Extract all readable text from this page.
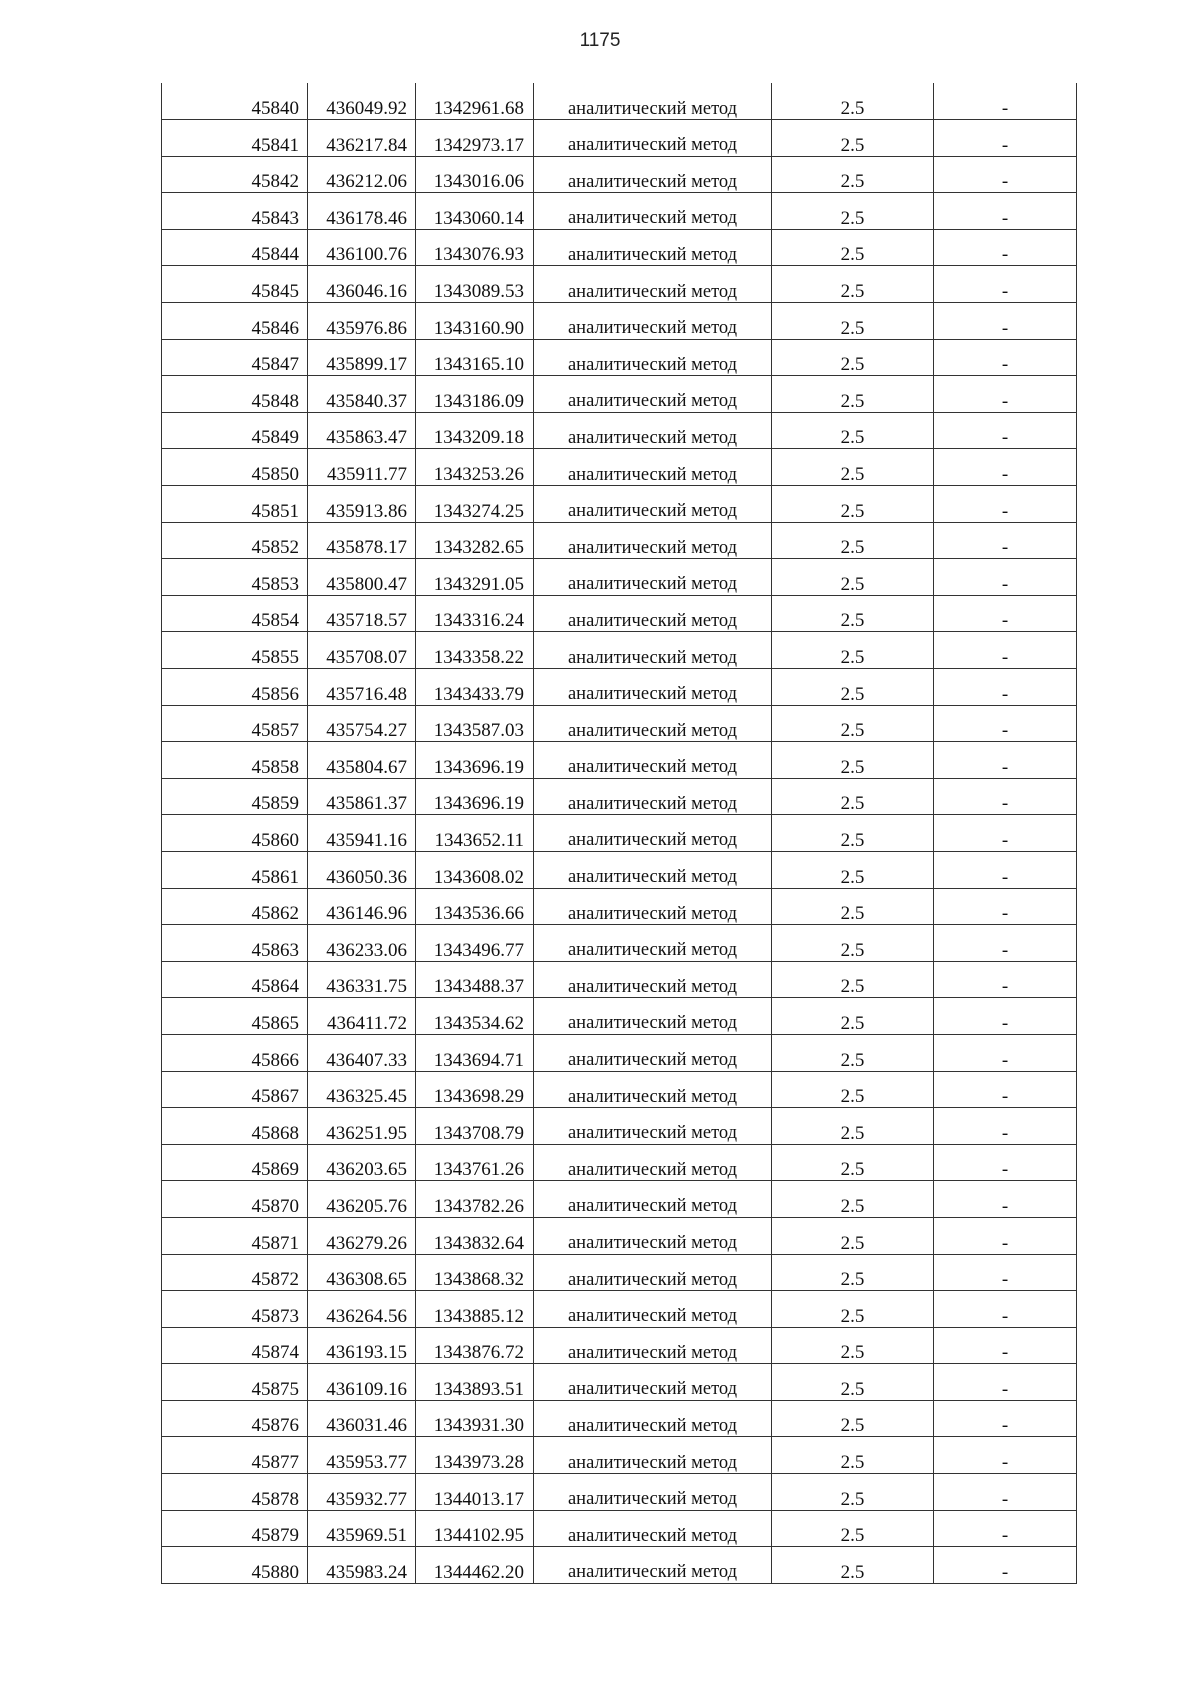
1175
45840	436049.92	1342961.68	аналитический метод	2.5	-
45841	436217.84	1342973.17	аналитический метод	2.5	-
45842	436212.06	1343016.06	аналитический метод	2.5	-
45843	436178.46	1343060.14	аналитический метод	2.5	-
45844	436100.76	1343076.93	аналитический метод	2.5	-
45845	436046.16	1343089.53	аналитический метод	2.5	-
45846	435976.86	1343160.90	аналитический метод	2.5	-
45847	435899.17	1343165.10	аналитический метод	2.5	-
45848	435840.37	1343186.09	аналитический метод	2.5	-
45849	435863.47	1343209.18	аналитический метод	2.5	-
45850	435911.77	1343253.26	аналитический метод	2.5	-
45851	435913.86	1343274.25	аналитический метод	2.5	-
45852	435878.17	1343282.65	аналитический метод	2.5	-
45853	435800.47	1343291.05	аналитический метод	2.5	-
45854	435718.57	1343316.24	аналитический метод	2.5	-
45855	435708.07	1343358.22	аналитический метод	2.5	-
45856	435716.48	1343433.79	аналитический метод	2.5	-
45857	435754.27	1343587.03	аналитический метод	2.5	-
45858	435804.67	1343696.19	аналитический метод	2.5	-
45859	435861.37	1343696.19	аналитический метод	2.5	-
45860	435941.16	1343652.11	аналитический метод	2.5	-
45861	436050.36	1343608.02	аналитический метод	2.5	-
45862	436146.96	1343536.66	аналитический метод	2.5	-
45863	436233.06	1343496.77	аналитический метод	2.5	-
45864	436331.75	1343488.37	аналитический метод	2.5	-
45865	436411.72	1343534.62	аналитический метод	2.5	-
45866	436407.33	1343694.71	аналитический метод	2.5	-
45867	436325.45	1343698.29	аналитический метод	2.5	-
45868	436251.95	1343708.79	аналитический метод	2.5	-
45869	436203.65	1343761.26	аналитический метод	2.5	-
45870	436205.76	1343782.26	аналитический метод	2.5	-
45871	436279.26	1343832.64	аналитический метод	2.5	-
45872	436308.65	1343868.32	аналитический метод	2.5	-
45873	436264.56	1343885.12	аналитический метод	2.5	-
45874	436193.15	1343876.72	аналитический метод	2.5	-
45875	436109.16	1343893.51	аналитический метод	2.5	-
45876	436031.46	1343931.30	аналитический метод	2.5	-
45877	435953.77	1343973.28	аналитический метод	2.5	-
45878	435932.77	1344013.17	аналитический метод	2.5	-
45879	435969.51	1344102.95	аналитический метод	2.5	-
45880	435983.24	1344462.20	аналитический метод	2.5	-
